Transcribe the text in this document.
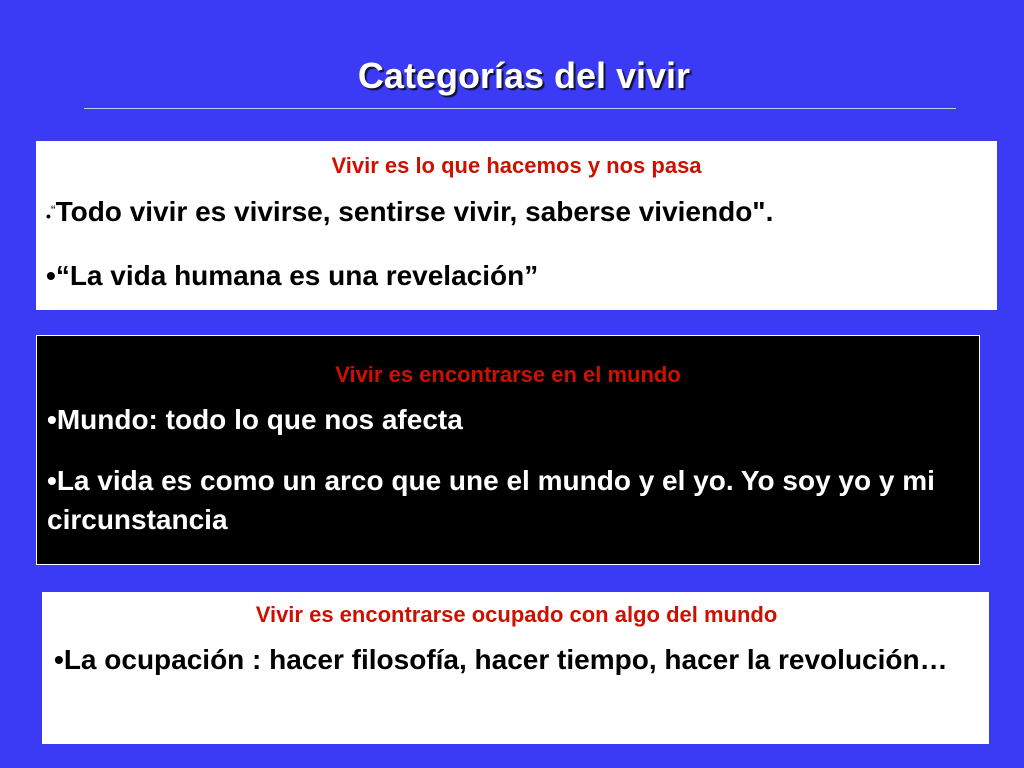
Categorías del vivir
Vivir es lo que hacemos y nos pasa
•“Todo vivir es vivirse, sentirse vivir, saberse viviendo".
•“La vida humana es una revelación”
Vivir es encontrarse en el mundo
•Mundo: todo lo que nos afecta
•La vida es como un arco que une el mundo y el yo. Yo soy yo y mi circunstancia
Vivir es encontrarse ocupado con algo del mundo
•La ocupación : hacer filosofía, hacer tiempo, hacer la revolución…
